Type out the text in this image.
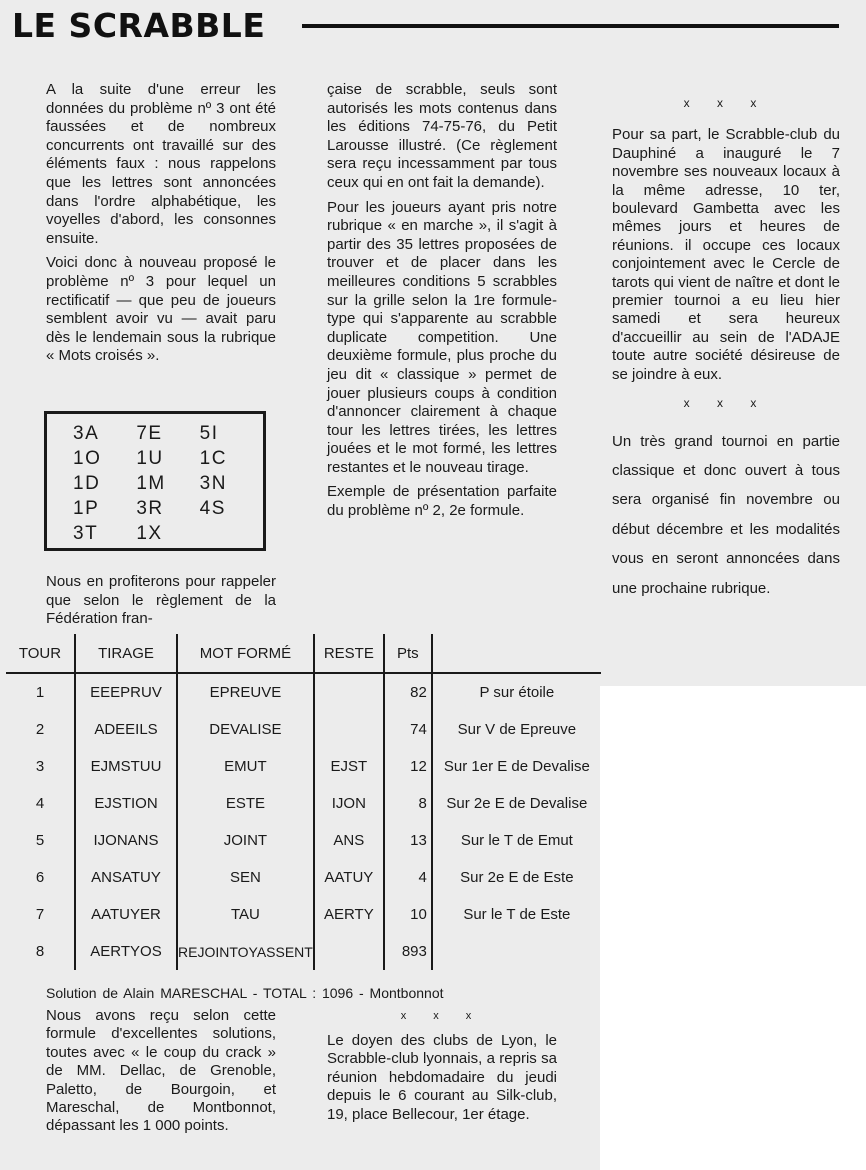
LE SCRABBLE

A la suite d'une erreur les données du problème nº 3 ont été faussées et de nombreux concurrents ont travaillé sur des éléments faux : nous rappelons que les lettres sont annoncées dans l'ordre alphabétique, les voyelles d'abord, les consonnes ensuite.

Voici donc à nouveau proposé le problème nº 3 pour lequel un rectificatif — que peu de joueurs semblent avoir vu — avait paru dès le lendemain sous la rubrique « Mots croisés ».

3A	7E	5I
1O	1U	1C
1D	1M	3N
1P	3R	4S
3T	1X

Nous en profiterons pour rappeler que selon le règlement de la Fédération fran-

çaise de scrabble, seuls sont autorisés les mots contenus dans les éditions 74-75-76, du Petit Larousse illustré. (Ce règlement sera reçu incessamment par tous ceux qui en ont fait la demande).

Pour les joueurs ayant pris notre rubrique « en marche », il s'agit à partir des 35 lettres proposées de trouver et de placer dans les meilleures conditions 5 scrabbles sur la grille selon la 1re formule-type qui s'apparente au scrabble duplicate competition. Une deuxième formule, plus proche du jeu dit « classique » permet de jouer plusieurs coups à condition d'annoncer clairement à chaque tour les lettres tirées, les lettres jouées et le mot formé, les lettres restantes et le nouveau tirage.

Exemple de présentation parfaite du problème nº 2, 2e formule.

x x x

Pour sa part, le Scrabble-club du Dauphiné a inauguré le 7 novembre ses nouveaux locaux à la même adresse, 10 ter, boulevard Gambetta avec les mêmes jours et heures de réunions. il occupe ces locaux conjointement avec le Cercle de tarots qui vient de naître et dont le premier tournoi a eu lieu hier samedi et sera heureux d'accueillir au sein de l'ADAJE toute autre société désireuse de se joindre à eux.

x x x

Un très grand tournoi en partie classique et donc ouvert à tous sera organisé fin novembre ou début décembre et les modalités vous en seront annoncées dans une prochaine rubrique.

TOUR	TIRAGE	MOT FORMÉ	RESTE	Pts	
1	EEEPRUV	EPREUVE		82	P sur étoile
2	ADEEILS	DEVALISE		74	Sur V de Epreuve
3	EJMSTUU	EMUT	EJST	12	Sur 1er E de Devalise
4	EJSTION	ESTE	IJON	8	Sur 2e E de Devalise
5	IJONANS	JOINT	ANS	13	Sur le T de Emut
6	ANSATUY	SEN	AATUY	4	Sur 2e E de Este
7	AATUYER	TAU	AERTY	10	Sur le T de Este
8	AERTYOS	REJOINTOYASSENT		893	
Solution de Alain MARESCHAL - TOTAL : 1096 - Montbonnot
Nous avons reçu selon cette formule d'excellentes solutions, toutes avec « le coup du crack » de MM. Dellac, de Grenoble, Paletto, de Bourgoin, et Mareschal, de Montbonnot, dépassant les 1 000 points.
x x x
Le doyen des clubs de Lyon, le Scrabble-club lyonnais, a repris sa réunion hebdomadaire du jeudi depuis le 6 courant au Silk-club, 19, place Bellecour, 1er étage.
